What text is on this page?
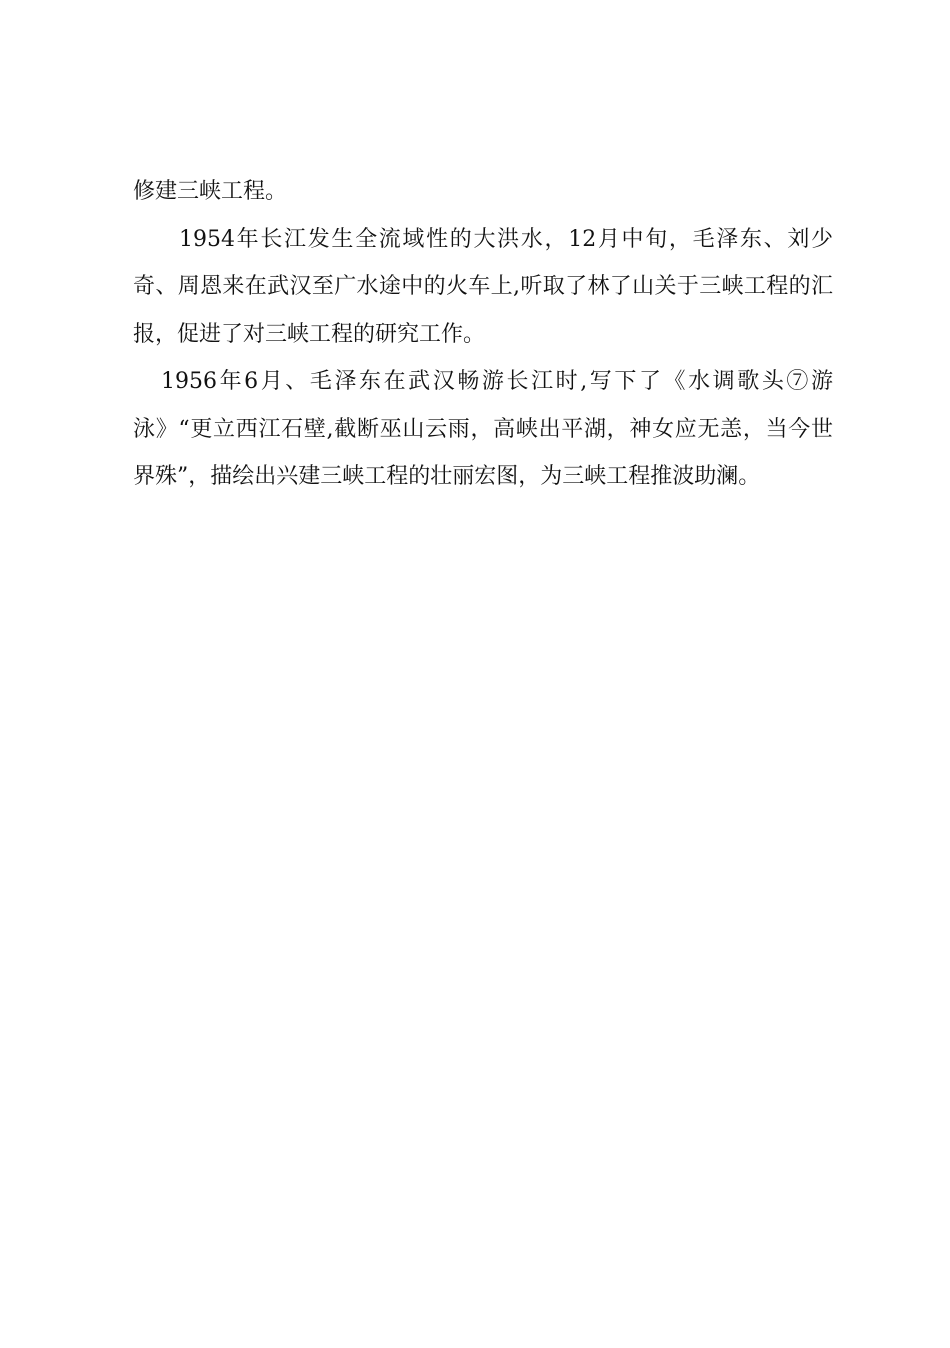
修建三峡工程。

1954年长江发生全流域性的大洪水，12月中旬，毛泽东、刘少奇、周恩来在武汉至广水途中的火车上,听取了林了山关于三峡工程的汇报，促进了对三峡工程的研究工作。

1956年6月、毛泽东在武汉畅游长江时,写下了《水调歌头⑦游泳》“更立西江石壁,截断巫山云雨，高峡出平湖，神女应无恙，当今世界殊”，描绘出兴建三峡工程的壮丽宏图，为三峡工程推波助澜。
